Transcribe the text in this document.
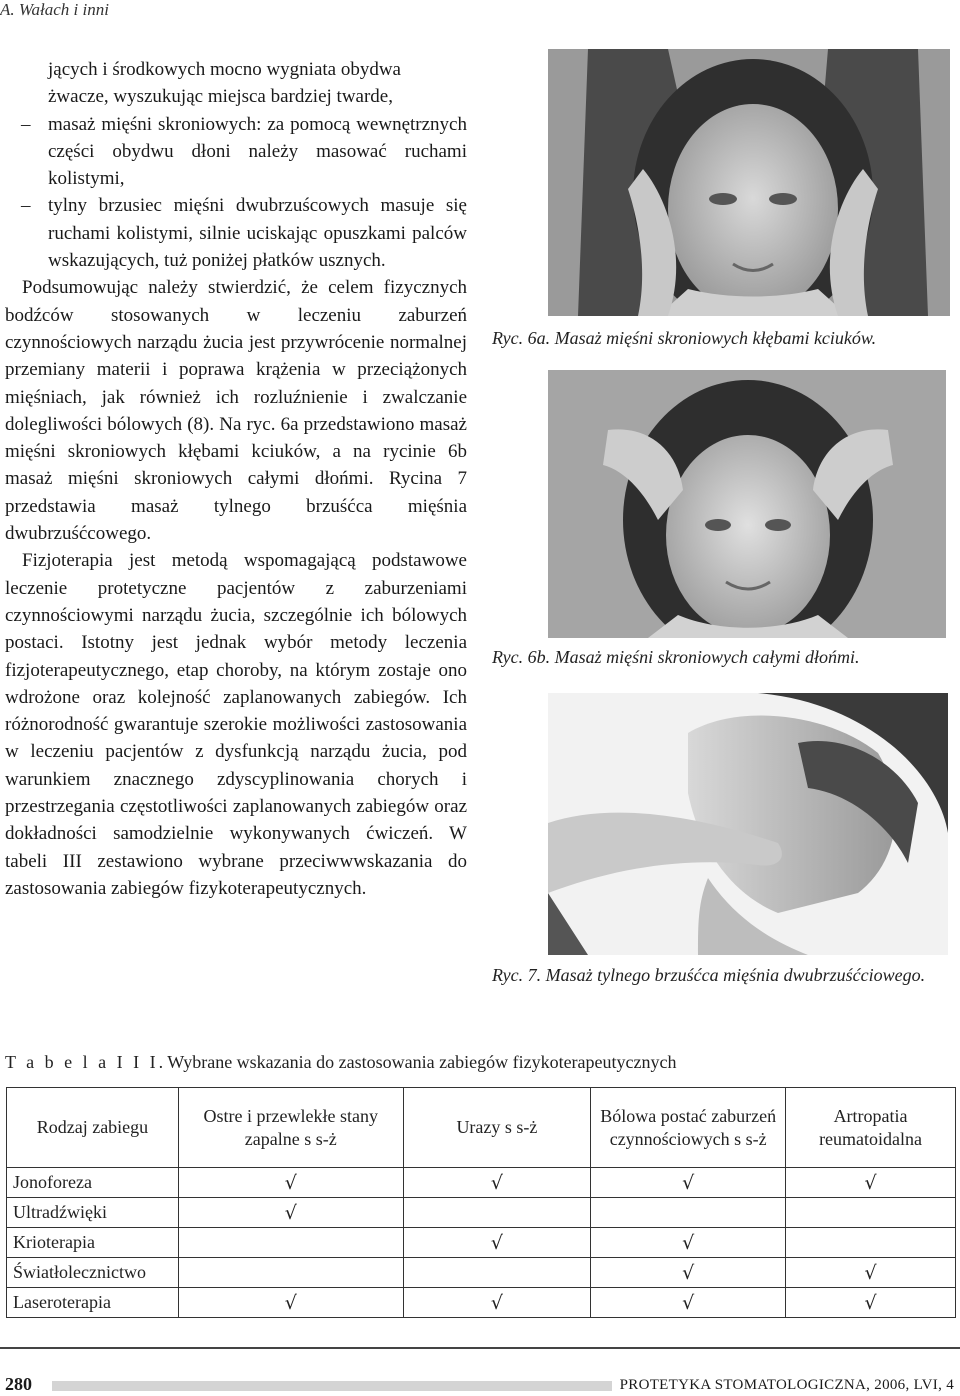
A. Wałach i inni

jących i środkowych mocno wygniata obydwa

żwacze, wyszukując miejsca bardziej twarde,

– masaż mięśni skroniowych: za pomocą wewnętrznych części obydwu dłoni należy masować ruchami kolistymi,

– tylny brzusiec mięśni dwubrzuścowych masuje się ruchami kolistymi, silnie uciskając opuszkami palców wskazujących, tuż poniżej płatków usznych.

Podsumowując należy stwierdzić, że celem fizycznych bodźców stosowanych w leczeniu zaburzeń czynnościowych narządu żucia jest przywrócenie normalnej przemiany materii i poprawa krążenia w przeciążonych mięśniach, jak również ich rozluźnienie i zwalczanie dolegliwości bólowych (8). Na ryc. 6a przedstawiono masaż mięśni skroniowych kłębami kciuków, a na rycinie 6b masaż mięśni skroniowych całymi dłońmi. Rycina 7 przedstawia masaż tylnego brzuśćca mięśnia dwubrzuśćcowego.

Fizjoterapia jest metodą wspomagającą podstawowe leczenie protetyczne pacjentów z zaburzeniami czynnościowymi narządu żucia, szczególnie ich bólowych postaci. Istotny jest jednak wybór metody leczenia fizjoterapeutycznego, etap choroby, na którym zostaje ono wdrożone oraz kolejność zaplanowanych zabiegów. Ich różnorodność gwarantuje szerokie możliwości zastosowania w leczeniu pacjentów z dysfunkcją narządu żucia, pod warunkiem znacznego zdyscyplinowania chorych i przestrzegania częstotliwości zaplanowanych zabiegów oraz dokładności samodzielnie wykonywanych ćwiczeń. W tabeli III zestawiono wybrane przeciwwwskazania do zastosowania zabiegów fizykoterapeutycznych.

Ryc. 6a. Masaż mięśni skroniowych kłębami kciuków.
Ryc. 6b. Masaż mięśni skroniowych całymi dłońmi.
Ryc. 7. Masaż tylnego brzuśćca mięśnia dwubrzuśćciowego.
T a b e l a I I I. Wybrane wskazania do zastosowania zabiegów fizykoterapeutycznych
Rodzaj zabiegu	Ostre i przewlekłe stany zapalne s s-ż	Urazy s s-ż	Bólowa postać zaburzeń czynnościowych s s-ż	Artropatia reumatoidalna
Jonoforeza	√	√	√	√
Ultradźwięki	√			
Krioterapia		√	√	
Światłolecznictwo			√	√
Laseroterapia	√	√	√	√
280	PROTETYKA STOMATOLOGICZNA, 2006, LVI, 4
